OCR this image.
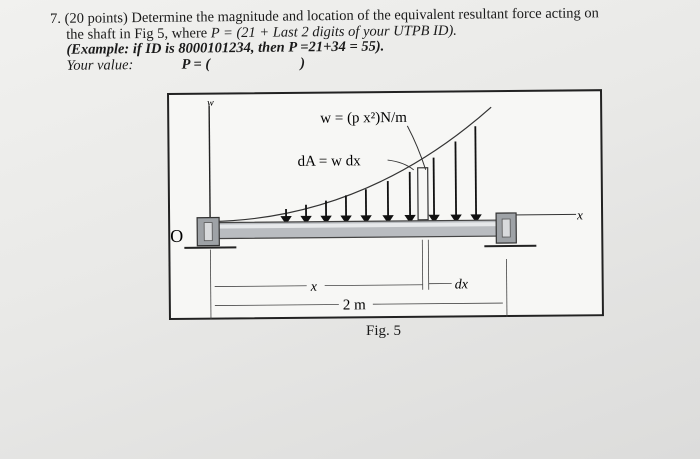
7. (20 points) Determine the magnitude and location of the equivalent resultant force acting on
the shaft in Fig 5, where P = (21 + Last 2 digits of your UTPB ID).
(Example: if ID is 8000101234, then P =21+34 = 55).
Your value:	P = (	)
w
w = (p x²)N/m
dA = w dx
x
O
x	dx
2 m
Fig. 5
